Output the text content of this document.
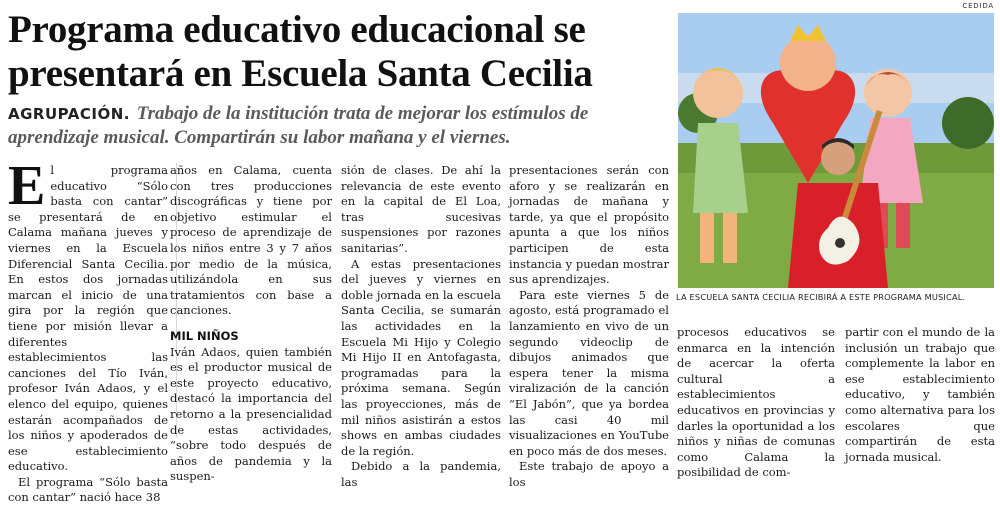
CEDIDA
Programa educativo educacional se presentará en Escuela Santa Cecilia
AGRUPACIÓN. Trabajo de la institución trata de mejorar los estímulos de aprendizaje musical. Compartirán su labor mañana y el viernes.

E l programa educativo “Sólo basta con cantar” se presentará de en Calama mañana jueves y viernes en la Escuela Diferencial Santa Cecilia. En estos dos jornadas marcan el inicio de una gira por la región que tiene por misión llevar a diferentes establecimientos las canciones del Tío Iván, profesor Iván Adaos, y el elenco del equipo, quienes estarán acompañados de los niños y apoderados de ese establecimiento educativo.

El programa “Sólo basta con cantar” nació hace 38

años en Calama, cuenta con tres producciones discográficas y tiene por objetivo estimular el proceso de aprendizaje de los niños entre 3 y 7 años por medio de la música, utilizándola en sus tratamientos con base a canciones.

MIL NIÑOS

Iván Adaos, quien también es el productor musical de este proyecto educativo, destacó la importancia del retorno a la presencialidad de estas actividades, “sobre todo después de años de pandemia y la suspen-

sión de clases. De ahí la relevancia de este evento en la capital de El Loa, tras sucesivas suspensiones por razones sanitarias”.

A estas presentaciones del jueves y viernes en doble jornada en la escuela Santa Cecilia, se sumarán las actividades en la Escuela Mi Hijo y Colegio Mi Hijo II en Antofagasta, programadas para la próxima semana. Según las proyecciones, más de mil niños asistirán a estos shows en ambas ciudades de la región.

Debido a la pandemia, las

presentaciones serán con aforo y se realizarán en jornadas de mañana y tarde, ya que el propósito apunta a que los niños participen de esta instancia y puedan mostrar sus aprendizajes.

Para este viernes 5 de agosto, está programado el lanzamiento en vivo de un segundo videoclip de dibujos animados que espera tener la misma viralización de la canción “El Jabón”, que ya bordea las casi 40 mil visualizaciones en YouTube en poco más de dos meses.

Este trabajo de apoyo a los

LA ESCUELA SANTA CECILIA RECIBIRÁ A ESTE PROGRAMA MUSICAL.

procesos educativos se enmarca en la intención de acercar la oferta cultural a establecimientos educativos en provincias y darles la oportunidad a los niños y niñas de comunas como Calama la posibilidad de com-

partir con el mundo de la inclusión un trabajo que complemente la labor en ese establecimiento educativo, y también como alternativa para los escolares que compartirán de esta jornada musical.
